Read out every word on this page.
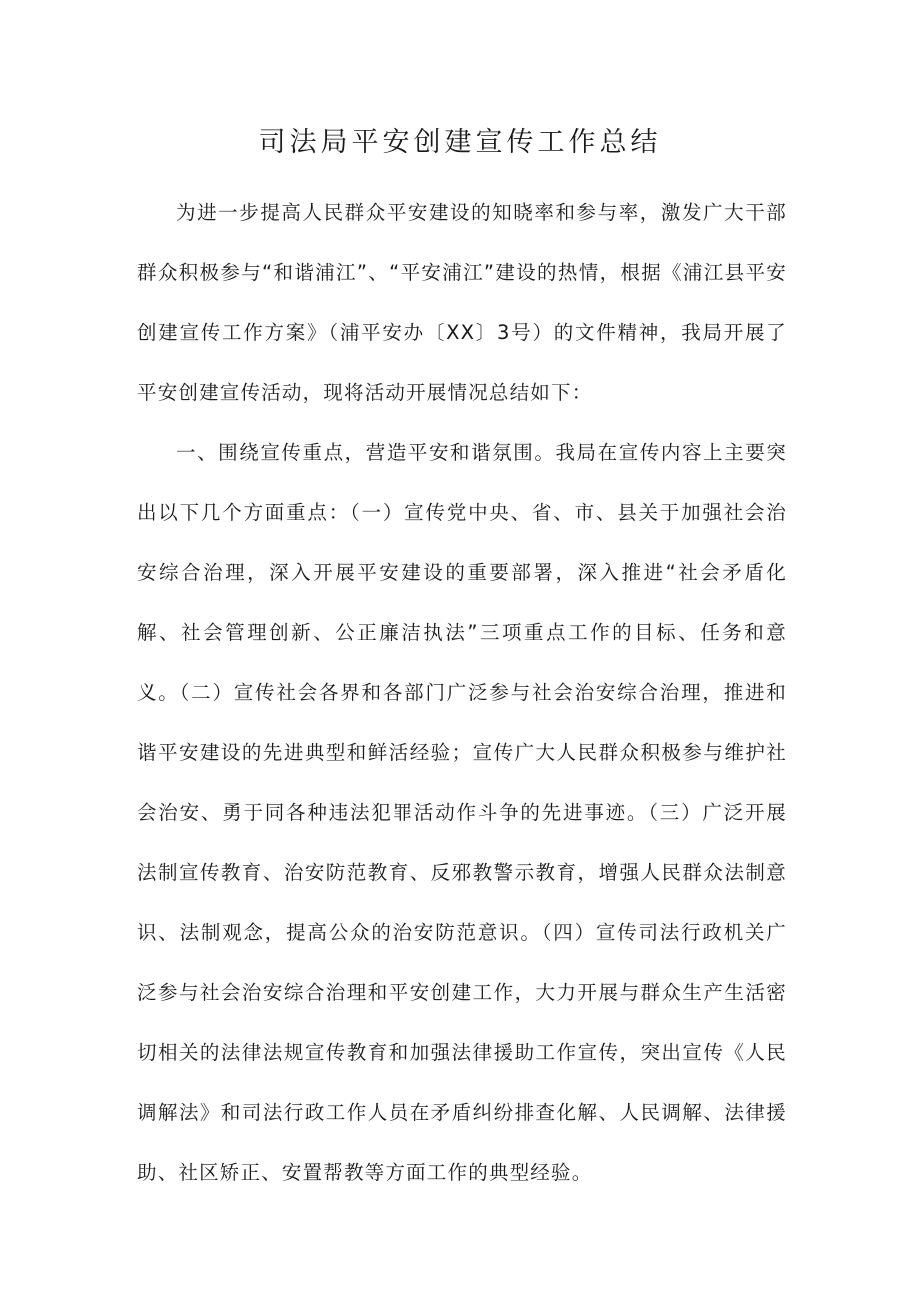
司法局平安创建宣传工作总结

为进一步提高人民群众平安建设的知晓率和参与率，激发广大干部群众积极参与“和谐浦江”、“平安浦江”建设的热情，根据《浦江县平安创建宣传工作方案》（浦平安办〔XX〕3号）的文件精神，我局开展了平安创建宣传活动，现将活动开展情况总结如下：

一、围绕宣传重点，营造平安和谐氛围。我局在宣传内容上主要突出以下几个方面重点：（一）宣传党中央、省、市、县关于加强社会治安综合治理，深入开展平安建设的重要部署，深入推进“社会矛盾化解、社会管理创新、公正廉洁执法”三项重点工作的目标、任务和意义。（二）宣传社会各界和各部门广泛参与社会治安综合治理，推进和谐平安建设的先进典型和鲜活经验；宣传广大人民群众积极参与维护社会治安、勇于同各种违法犯罪活动作斗争的先进事迹。（三）广泛开展法制宣传教育、治安防范教育、反邪教警示教育，增强人民群众法制意识、法制观念，提高公众的治安防范意识。（四）宣传司法行政机关广泛参与社会治安综合治理和平安创建工作，大力开展与群众生产生活密切相关的法律法规宣传教育和加强法律援助工作宣传，突出宣传《人民调解法》和司法行政工作人员在矛盾纠纷排查化解、人民调解、法律援助、社区矫正、安置帮教等方面工作的典型经验。
